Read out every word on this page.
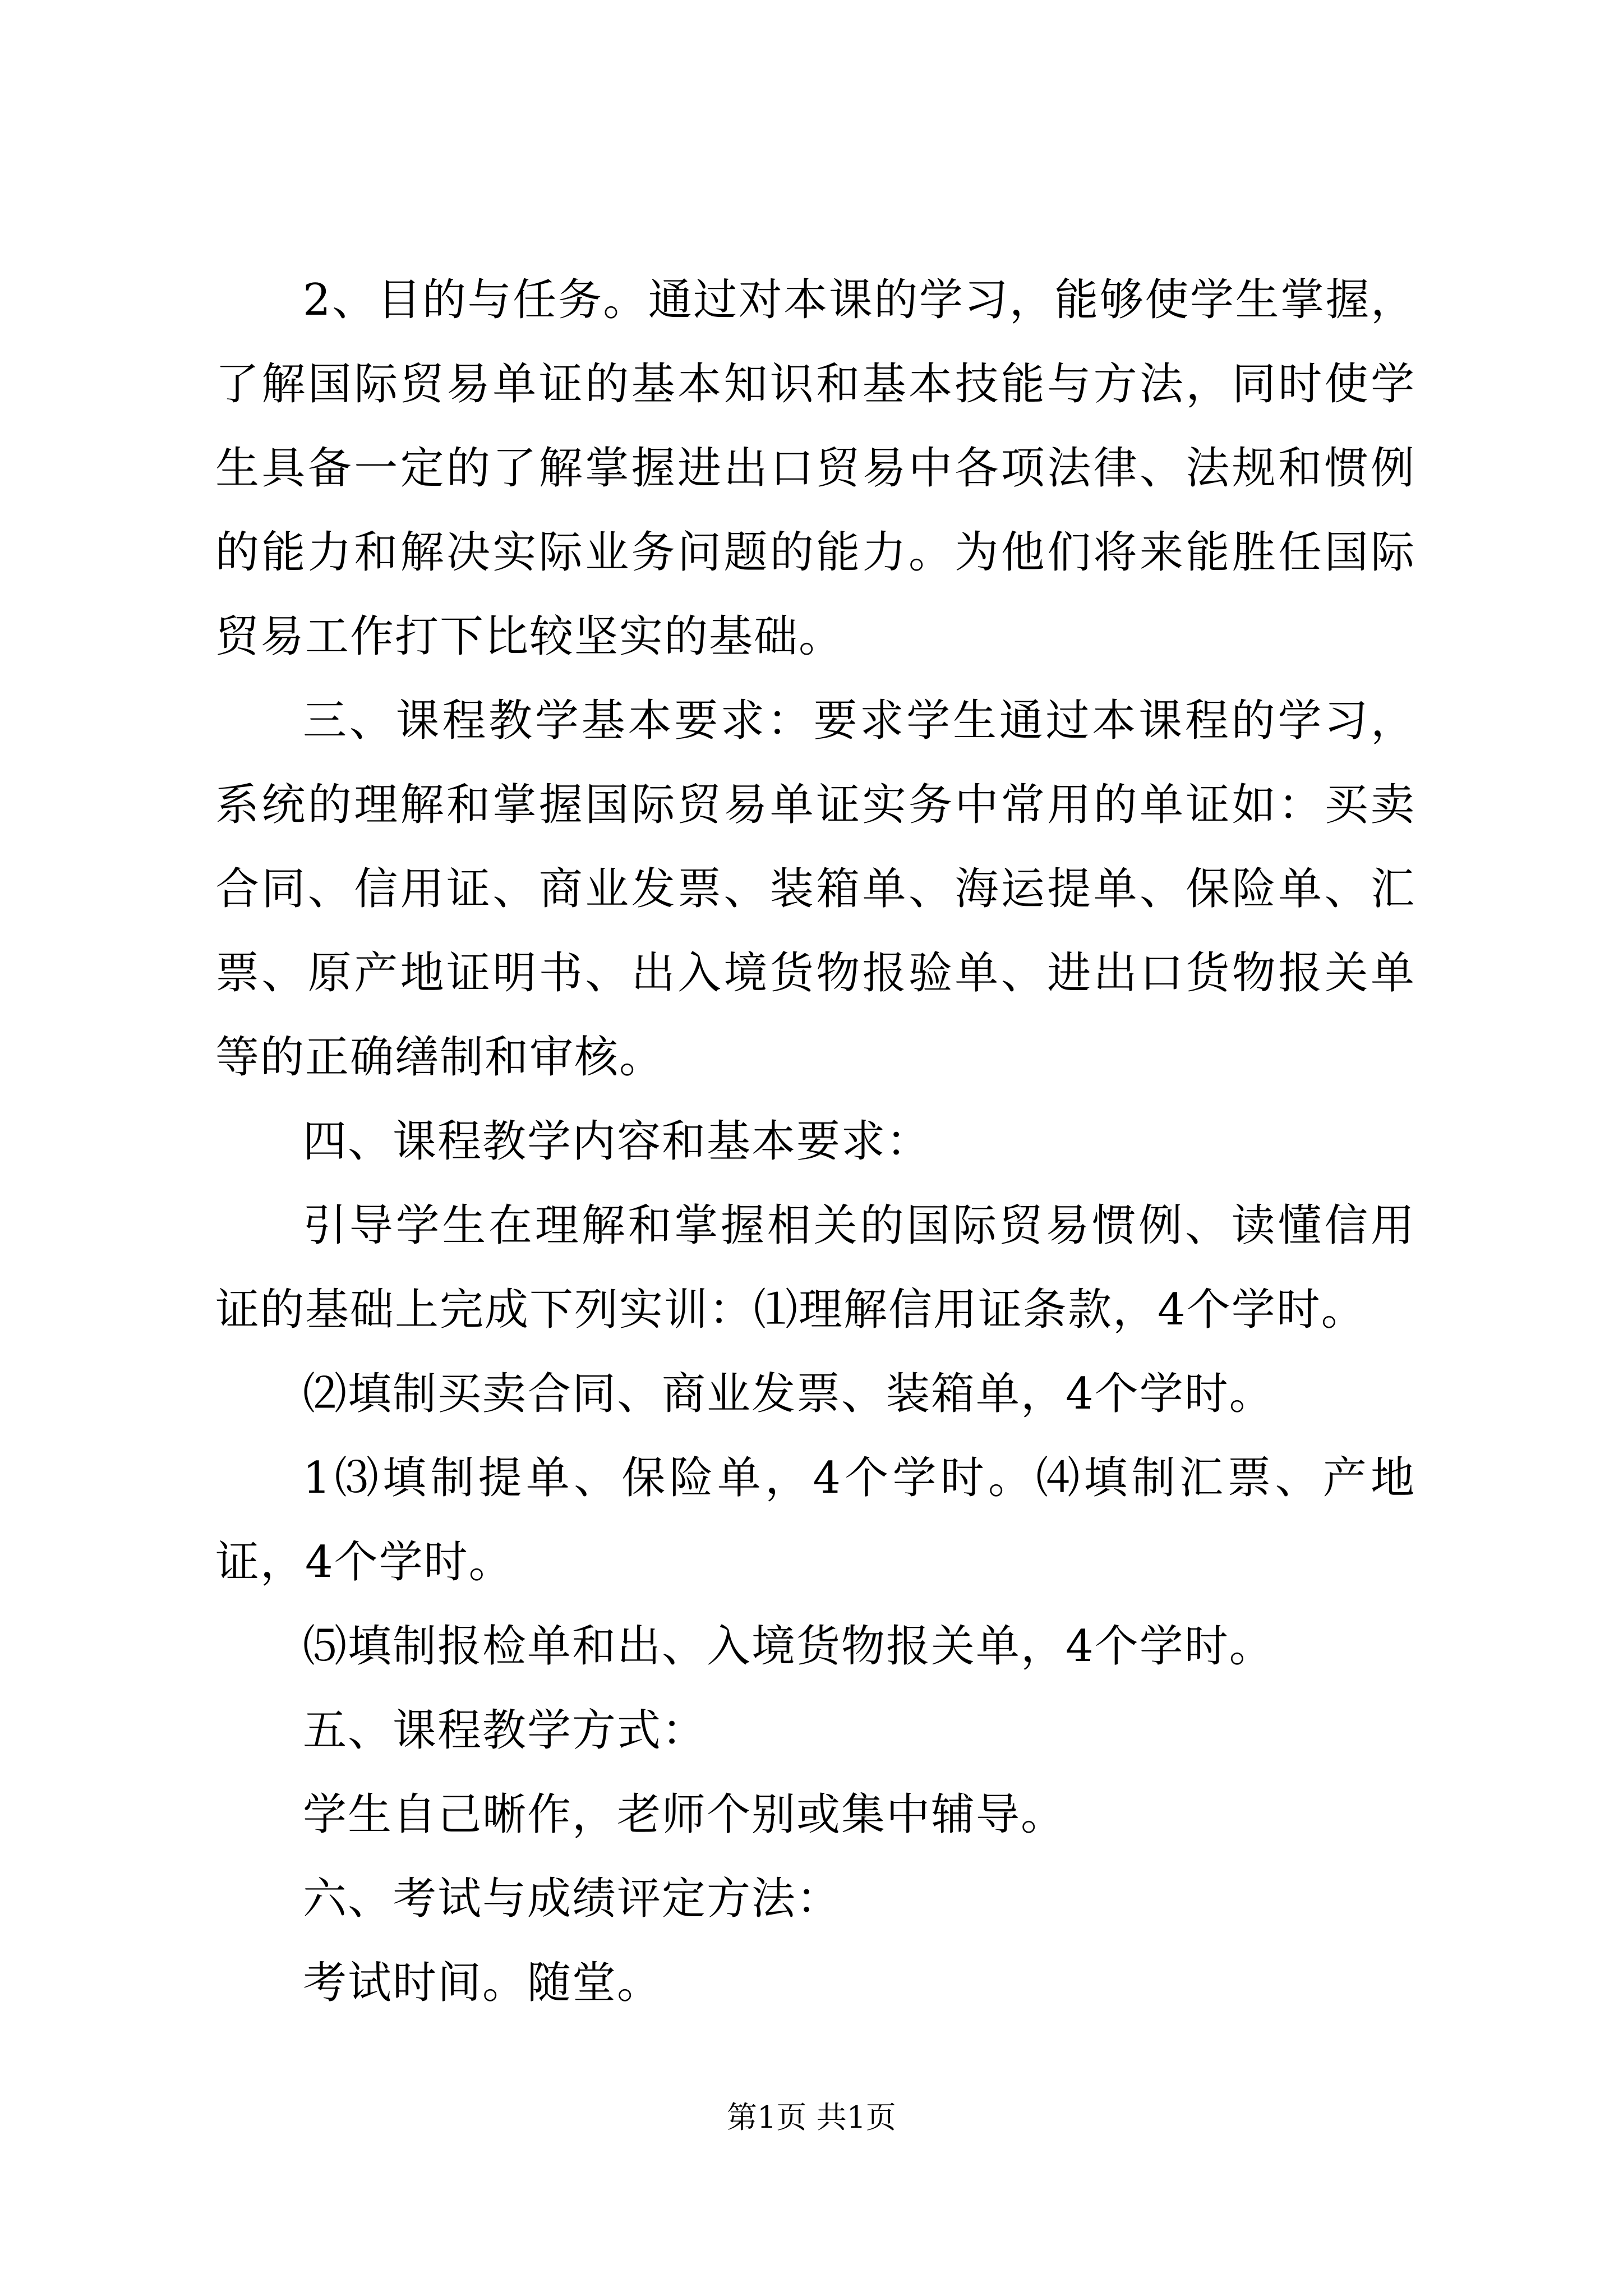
2、目的与任务。通过对本课的学习，能够使学生掌握，了解国际贸易单证的基本知识和基本技能与方法，同时使学生具备一定的了解掌握进出口贸易中各项法律、法规和惯例的能力和解决实际业务问题的能力。为他们将来能胜任国际贸易工作打下比较坚实的基础。

三、课程教学基本要求：要求学生通过本课程的学习，系统的理解和掌握国际贸易单证实务中常用的单证如：买卖合同、信用证、商业发票、装箱单、海运提单、保险单、汇票、原产地证明书、出入境货物报验单、进出口货物报关单等的正确缮制和审核。

四、课程教学内容和基本要求：

引导学生在理解和掌握相关的国际贸易惯例、读懂信用证的基础上完成下列实训：⑴理解信用证条款，4个学时。

⑵填制买卖合同、商业发票、装箱单，4个学时。

1⑶填制提单、保险单，4个学时。⑷填制汇票、产地证，4个学时。

⑸填制报检单和出、入境货物报关单，4个学时。

五、课程教学方式：

学生自己晰作，老师个别或集中辅导。

六、考试与成绩评定方法：

考试时间。随堂。

第1页 共1页
